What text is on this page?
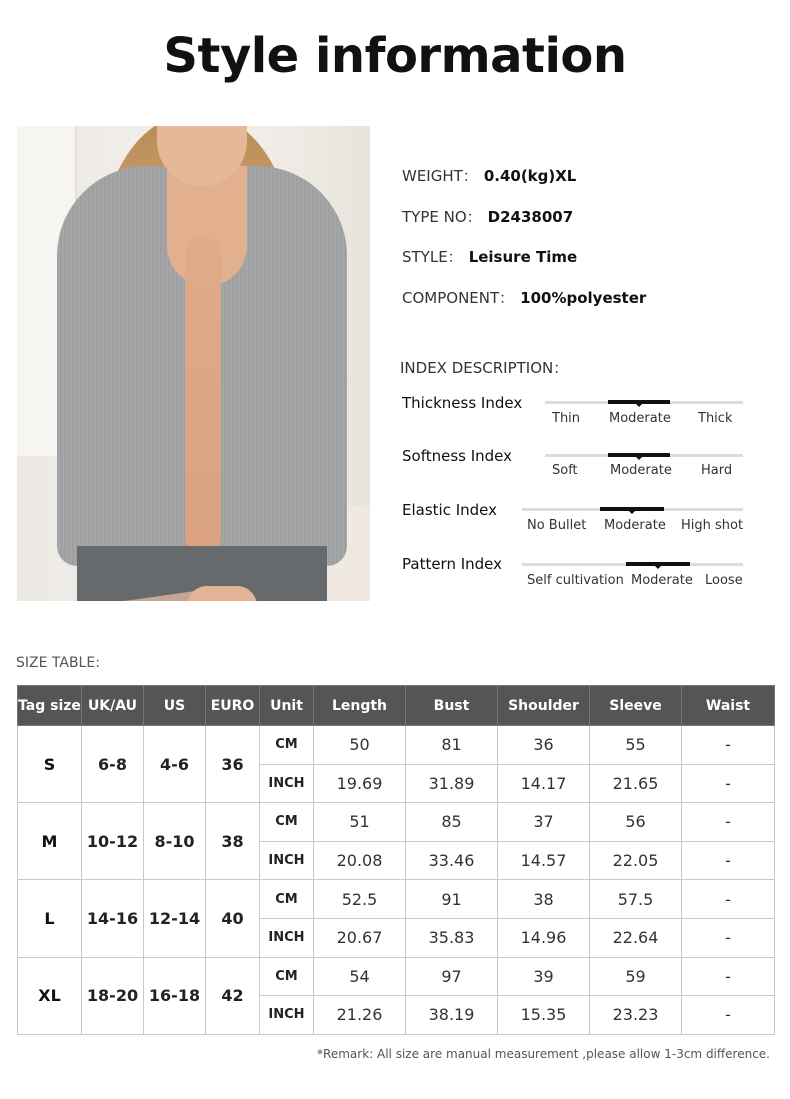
Style information
WEIGHT： 0.40(kg)XL
TYPE NO： D2438007
STYLE： Leisure Time
COMPONENT： 100%polyester
INDEX DESCRIPTION：
Thickness Index
Thin Moderate Thick
Softness Index
Soft Moderate Hard
Elastic Index
No Bullet Moderate High shot
Pattern Index
Self cultivation Moderate Loose
SIZE TABLE:
Tag size	UK/AU	US	EURO	Unit	Length	Bust	Shoulder	Sleeve	Waist
S	6-8	4-6	36	CM	50	81	36	55	-
				INCH	19.69	31.89	14.17	21.65	-
M	10-12	8-10	38	CM	51	85	37	56	-
				INCH	20.08	33.46	14.57	22.05	-
L	14-16	12-14	40	CM	52.5	91	38	57.5	-
				INCH	20.67	35.83	14.96	22.64	-
XL	18-20	16-18	42	CM	54	97	39	59	-
				INCH	21.26	38.19	15.35	23.23	-
*Remark: All size are manual measurement ,please allow 1-3cm difference.
